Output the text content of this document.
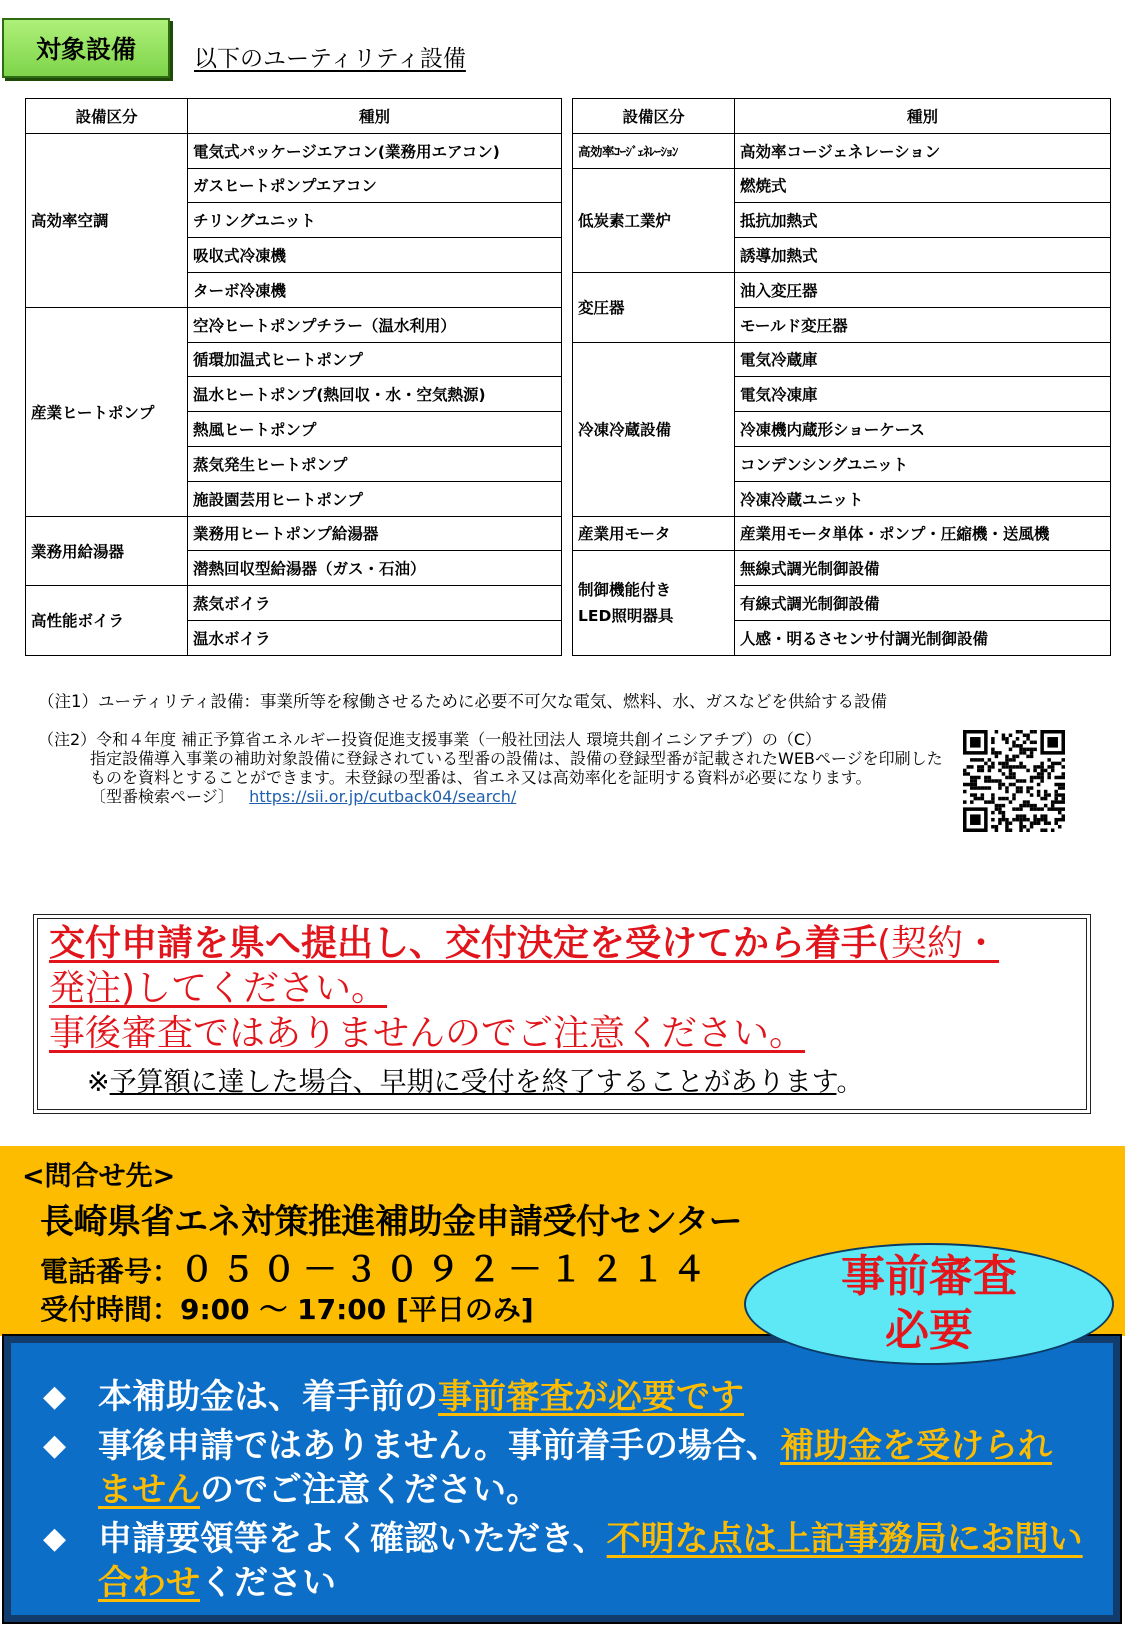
対象設備	以下のユーティリティ設備
設備区分	種別
高効率空調	電気式パッケージエアコン(業務用エアコン)
	ガスヒートポンプエアコン
	チリングユニット
	吸収式冷凍機
	ターボ冷凍機
産業ヒートポンプ	空冷ヒートポンプチラー（温水利用）
	循環加温式ヒートポンプ
	温水ヒートポンプ(熱回収・水・空気熱源)
	熱風ヒートポンプ
	蒸気発生ヒートポンプ
	施設園芸用ヒートポンプ
業務用給湯器	業務用ヒートポンプ給湯器
	潜熱回収型給湯器（ガス・石油）
高性能ボイラ	蒸気ボイラ
	温水ボイラ
設備区分	種別
高効率ｺｰｼﾞｪﾈﾚｰｼｮﾝ	高効率コージェネレーション
低炭素工業炉	燃焼式
	抵抗加熱式
	誘導加熱式
変圧器	油入変圧器
	モールド変圧器
冷凍冷蔵設備	電気冷蔵庫
	電気冷凍庫
	冷凍機内蔵形ショーケース
	コンデンシングユニット
	冷凍冷蔵ユニット
産業用モータ	産業用モータ単体・ポンプ・圧縮機・送風機

制御機能付き
LED照明器具	無線式調光制御設備
	有線式調光制御設備
	人感・明るさセンサ付調光制御設備
（注1）ユーティリティ設備：事業所等を稼働させるために必要不可欠な電気、燃料、水、ガスなどを供給する設備
（注2）令和４年度 補正予算省エネルギー投資促進支援事業（一般社団法人 環境共創イニシアチブ）の（C）
指定設備導入事業の補助対象設備に登録されている型番の設備は、設備の登録型番が記載されたWEBページを印刷したものを資料とすることができます。未登録の型番は、省エネ又は高効率化を証明する資料が必要になります。
〔型番検索ページ〕 https://sii.or.jp/cutback04/search/
交付申請を県へ提出し、交付決定を受けてから着手(契約・
発注)してください。
事後審査ではありませんのでご注意ください。
※予算額に達した場合、早期に受付を終了することがあります。
<問合せ先>
長崎県省エネ対策推進補助金申請受付センター
電話番号：０５０－３０９２－１２１４
受付時間：9:00 ～ 17:00 [平日のみ]
事前審査
必要
◆ 本補助金は、着手前の事前審査が必要です
◆ 事後申請ではありません。事前着手の場合、補助金を受けられませんのでご注意ください。
◆ 申請要領等をよく確認いただき、不明な点は上記事務局にお問い合わせください
